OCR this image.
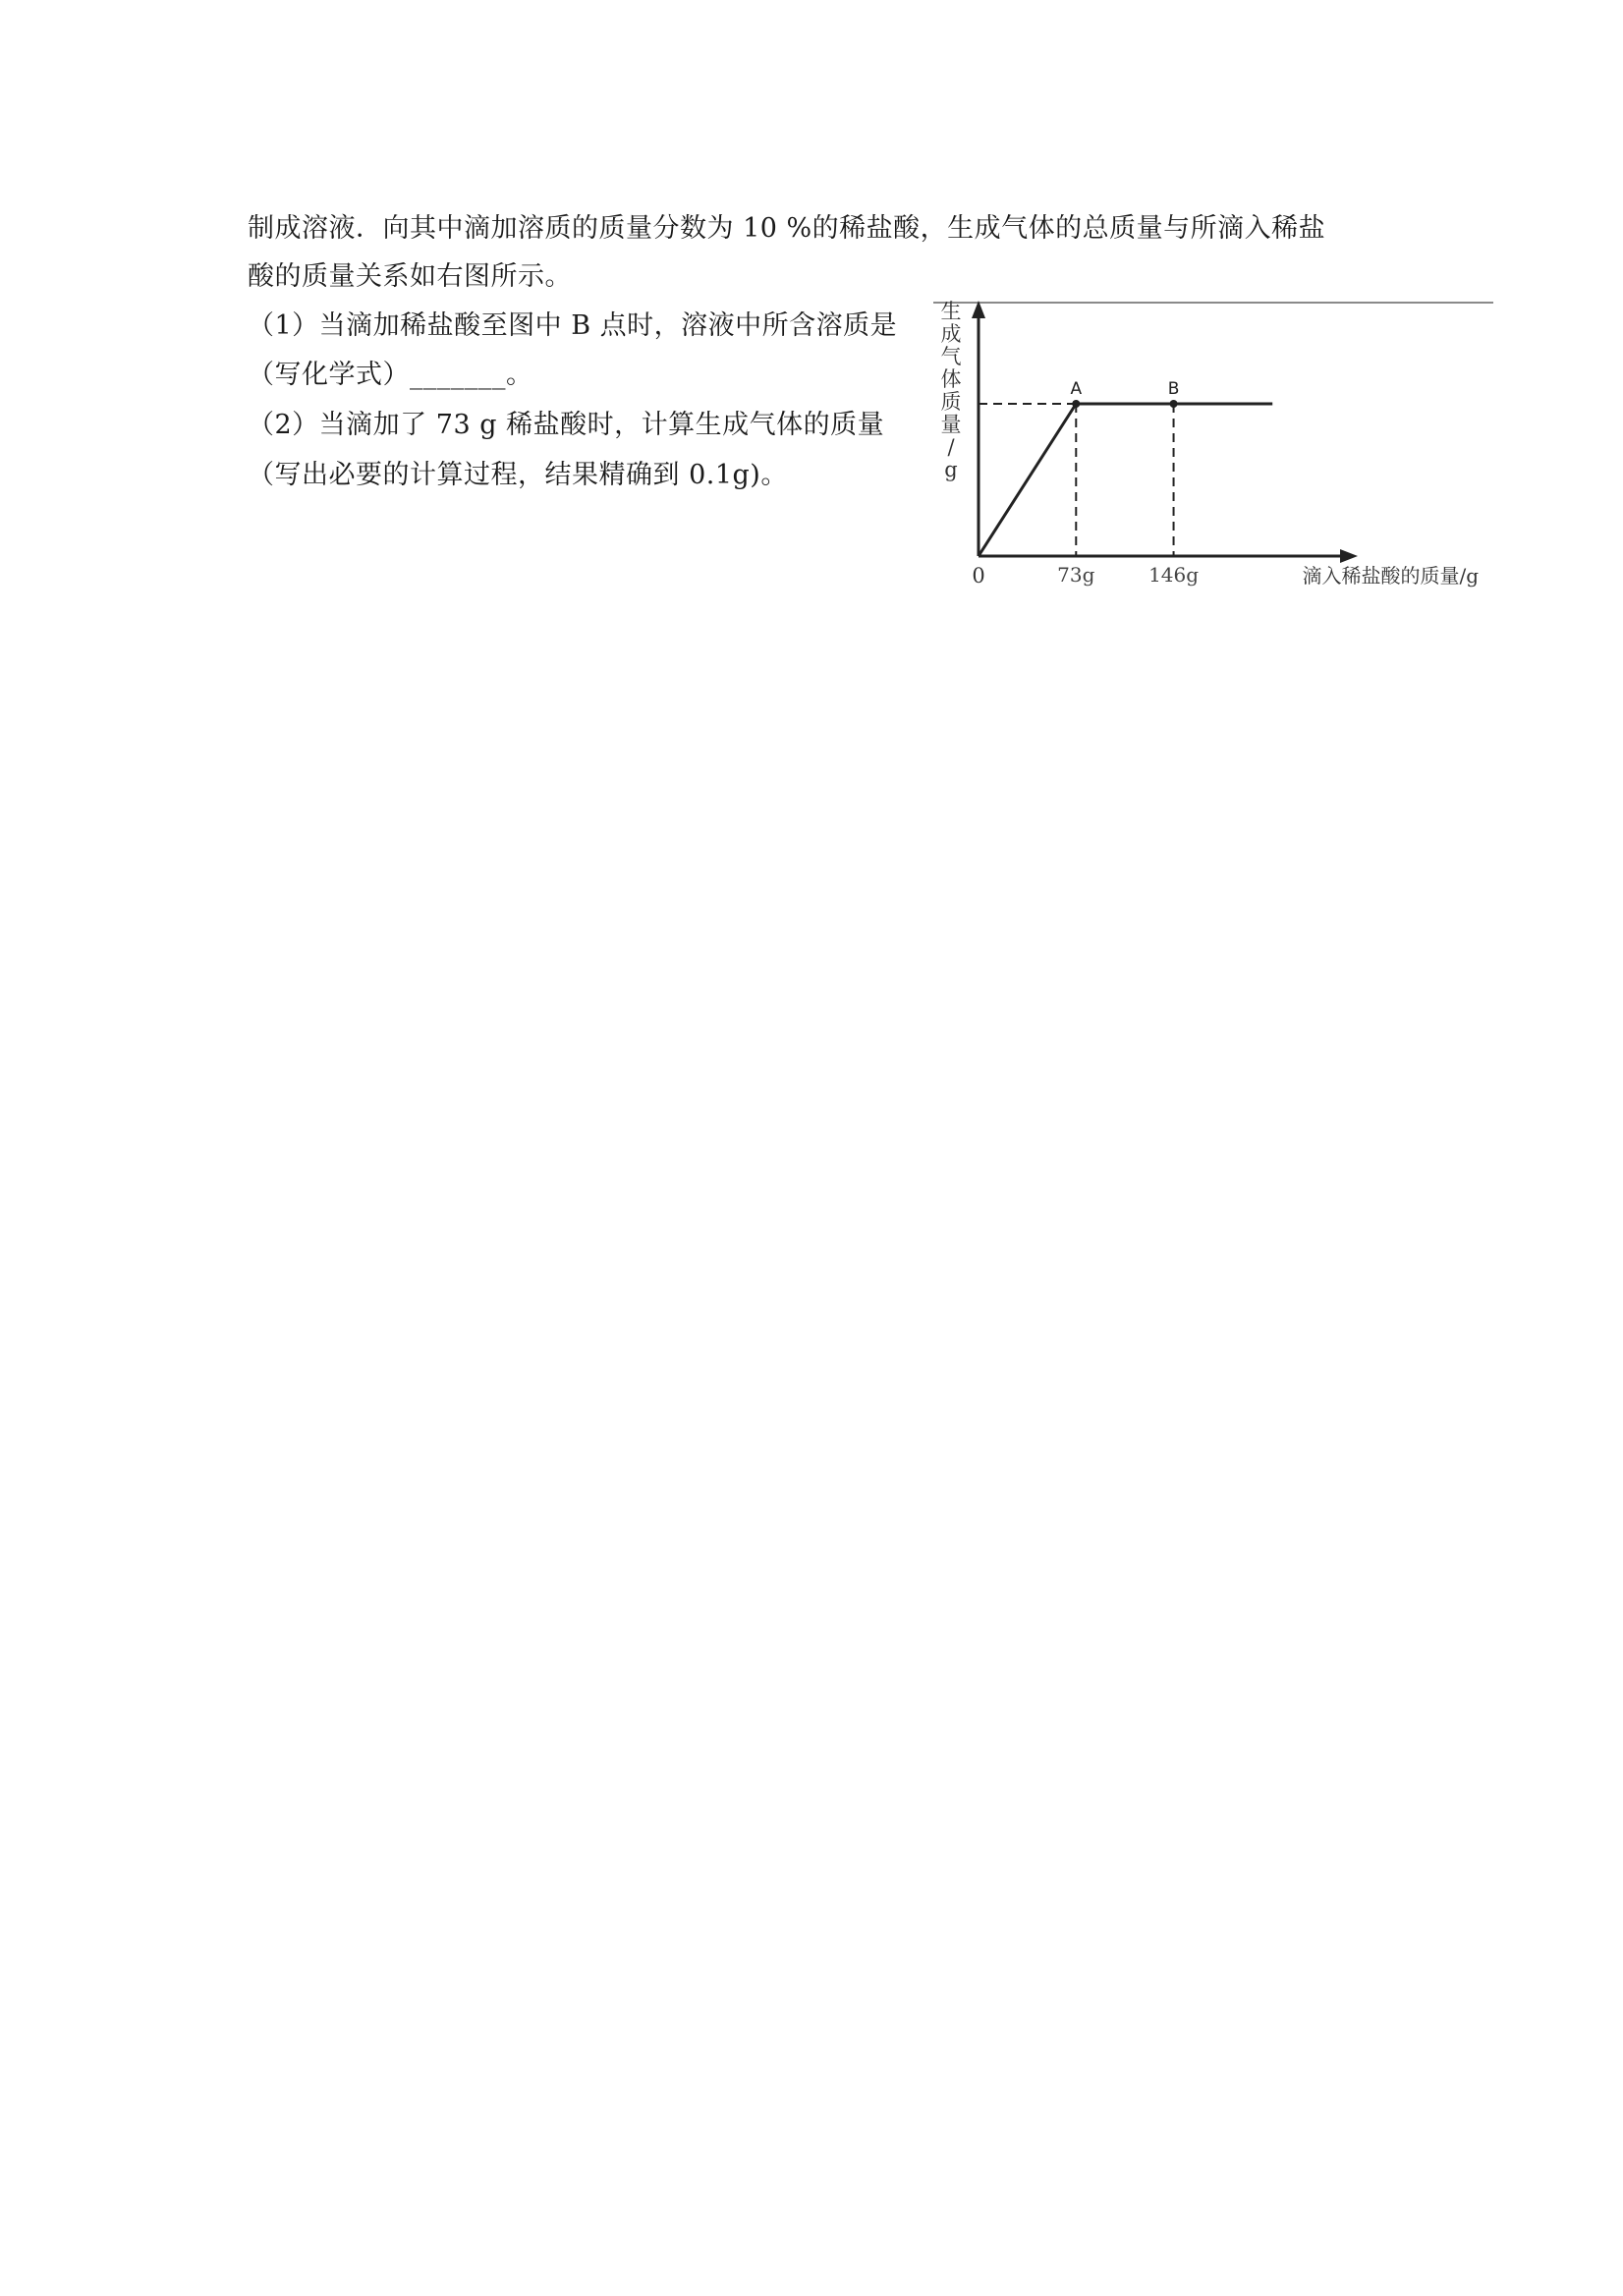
制成溶液．向其中滴加溶质的质量分数为 10 %的稀盐酸，生成气体的总质量与所滴入稀盐
酸的质量关系如右图所示。
（1）当滴加稀盐酸至图中 B 点时，溶液中所含溶质是
（写化学式）_______。
（2）当滴加了 73 g 稀盐酸时，计算生成气体的质量
（写出必要的计算过程，结果精确到 0.1g)。
A	B
73g	146g
生成气体质量/ g
0	滴入稀盐酸的质量/g
